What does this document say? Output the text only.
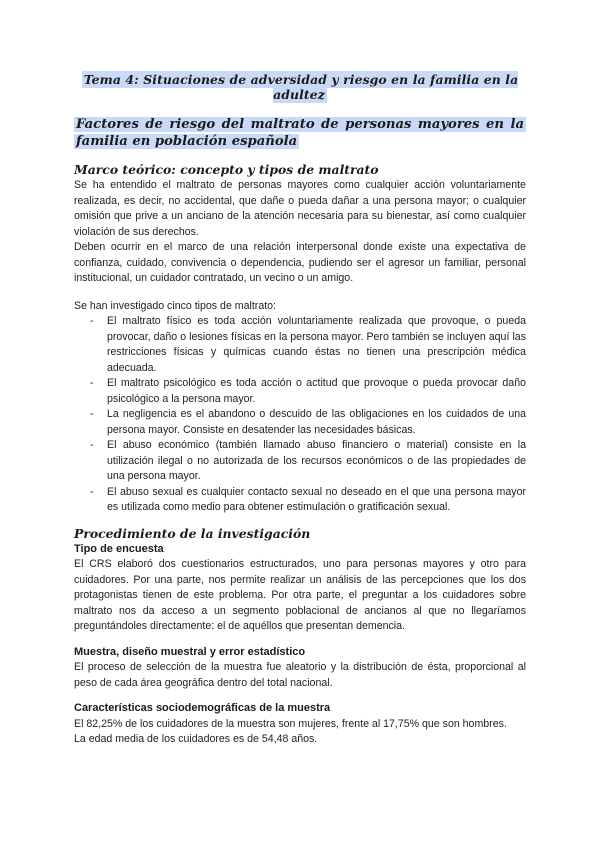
Tema 4: Situaciones de adversidad y riesgo en la familia en la adultez
Factores de riesgo del maltrato de personas mayores en la familia en población española
Marco teórico: concepto y tipos de maltrato

Se ha entendido el maltrato de personas mayores como cualquier acción voluntariamente realizada, es decir, no accidental, que dañe o pueda dañar a una persona mayor; o cualquier omisión que prive a un anciano de la atención necesaria para su bienestar, así como cualquier violación de sus derechos.

Deben ocurrir en el marco de una relación interpersonal donde existe una expectativa de confianza, cuidado, convivencia o dependencia, pudiendo ser el agresor un familiar, personal institucional, un cuidador contratado, un vecino o un amigo.

Se han investigado cinco tipos de maltrato:

- El maltrato físico es toda acción voluntariamente realizada que provoque, o pueda provocar, daño o lesiones físicas en la persona mayor. Pero también se incluyen aquí las restricciones físicas y químicas cuando éstas no tienen una prescripción médica adecuada.
- El maltrato psicológico es toda acción o actitud que provoque o pueda provocar daño psicológico a la persona mayor.
- La negligencia es el abandono o descuido de las obligaciones en los cuidados de una persona mayor. Consiste en desatender las necesidades básicas.
- El abuso económico (también llamado abuso financiero o material) consiste en la utilización ilegal o no autorizada de los recursos económicos o de las propiedades de una persona mayor.
- El abuso sexual es cualquier contacto sexual no deseado en el que una persona mayor es utilizada como medio para obtener estimulación o gratificación sexual.
Procedimiento de la investigación
Tipo de encuesta

El CRS elaboró dos cuestionarios estructurados, uno para personas mayores y otro para cuidadores. Por una parte, nos permite realizar un análisis de las percepciones que los dos protagonistas tienen de este problema. Por otra parte, el preguntar a los cuidadores sobre maltrato nos da acceso a un segmento poblacional de ancianos al que no llegaríamos preguntándoles directamente: el de aquéllos que presentan demencia.

Muestra, diseño muestral y error estadístico

El proceso de selección de la muestra fue aleatorio y la distribución de ésta, proporcional al peso de cada área geográfica dentro del total nacional.

Características sociodemográficas de la muestra

El 82,25% de los cuidadores de la muestra son mujeres, frente al 17,75% que son hombres.

La edad media de los cuidadores es de 54,48 años.
